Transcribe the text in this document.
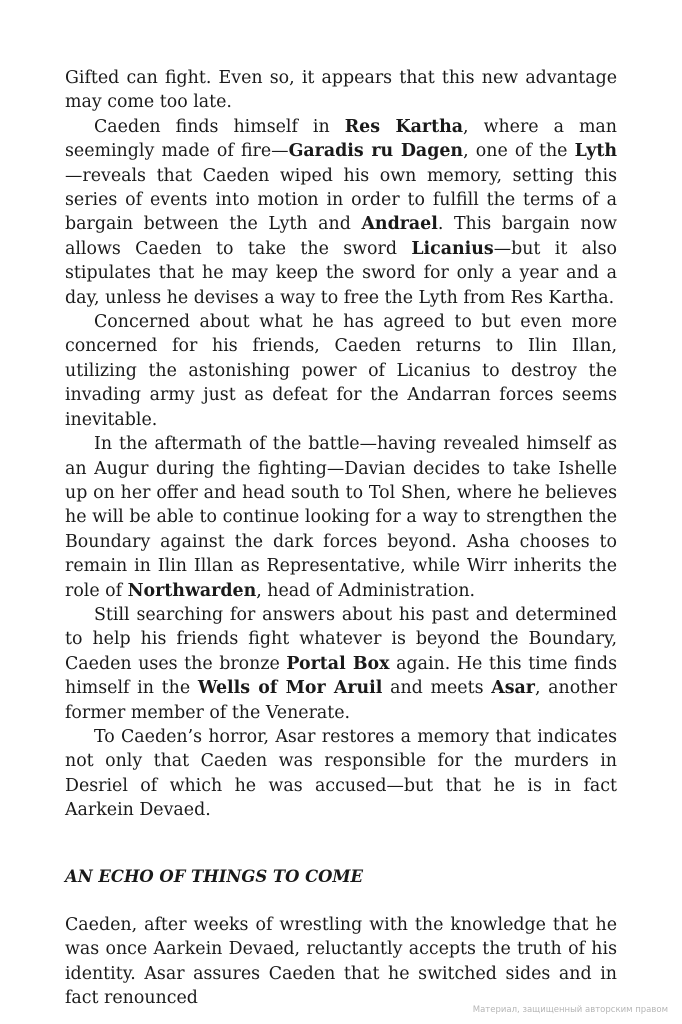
Gifted can fight. Even so, it appears that this new advantage may come too late.

Caeden finds himself in Res Kartha, where a man seemingly made of fire—Garadis ru Dagen, one of the Lyth—reveals that Caeden wiped his own memory, setting this series of events into motion in order to fulfill the terms of a bargain between the Lyth and Andrael. This bargain now allows Caeden to take the sword Licanius—but it also stipulates that he may keep the sword for only a year and a day, unless he devises a way to free the Lyth from Res Kartha.

Concerned about what he has agreed to but even more concerned for his friends, Caeden returns to Ilin Illan, utilizing the astonishing power of Licanius to destroy the invading army just as defeat for the Andarran forces seems inevitable.

In the aftermath of the battle—having revealed himself as an Augur during the fighting—Davian decides to take Ishelle up on her offer and head south to Tol Shen, where he believes he will be able to continue looking for a way to strengthen the Boundary against the dark forces beyond. Asha chooses to remain in Ilin Illan as Representative, while Wirr inherits the role of Northwarden, head of Administration.

Still searching for answers about his past and determined to help his friends fight whatever is beyond the Boundary, Caeden uses the bronze Portal Box again. He this time finds himself in the Wells of Mor Aruil and meets Asar, another former member of the Venerate.

To Caeden’s horror, Asar restores a memory that indicates not only that Caeden was responsible for the murders in Desriel of which he was accused—but that he is in fact Aarkein Devaed.

AN ECHO OF THINGS TO COME

Caeden, after weeks of wrestling with the knowledge that he was once Aarkein Devaed, reluctantly accepts the truth of his identity. Asar assures Caeden that he switched sides and in fact renounced

Материал, защищенный авторским правом
